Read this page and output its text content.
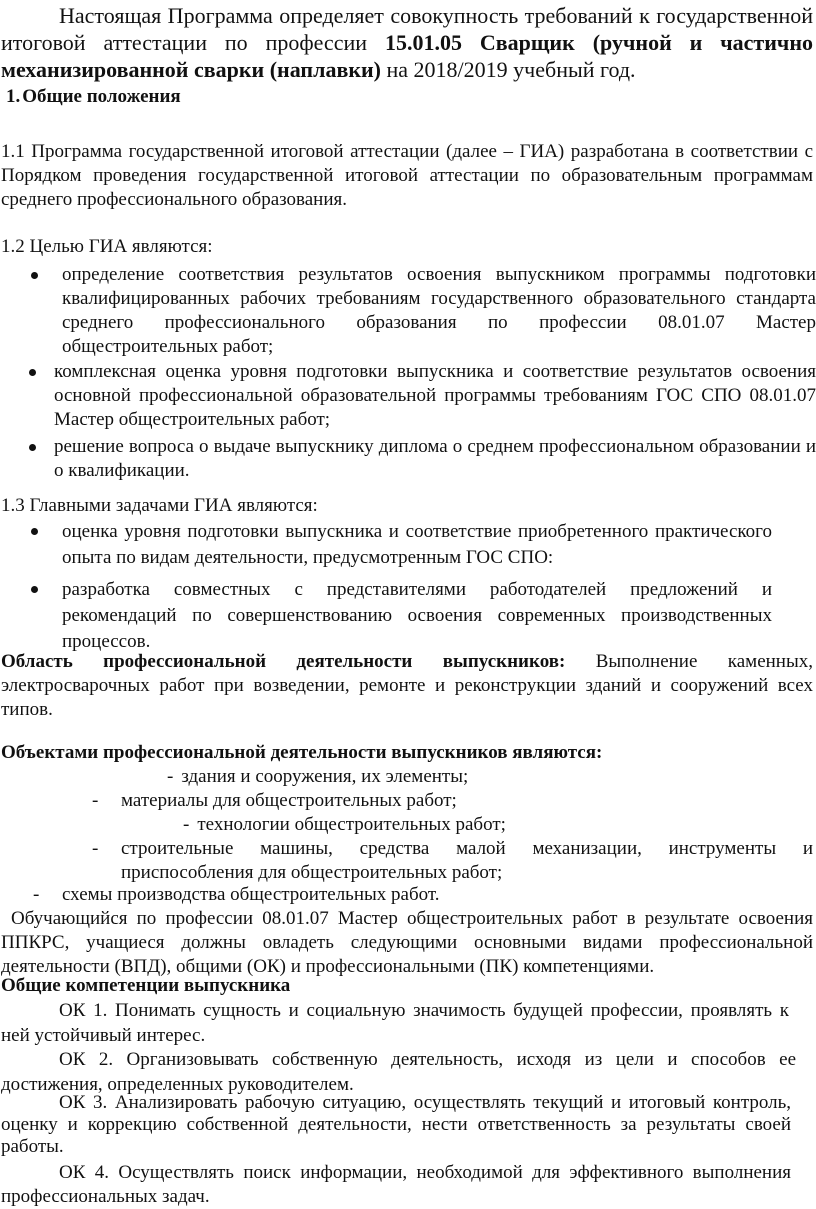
Настоящая Программа определяет совокупность требований к государственной итоговой аттестации по профессии 15.01.05 Сварщик (ручной и частично механизированной сварки (наплавки) на 2018/2019 учебный год.

1. Общие положения

1.1 Программа государственной итоговой аттестации (далее – ГИА) разработана в соответствии с Порядком проведения государственной итоговой аттестации по образовательным программам среднего профессионального образования.

1.2 Целью ГИА являются:

определение соответствия результатов освоения выпускником программы подготовки квалифицированных рабочих требованиям государственного образовательного стандарта среднего профессионального образования по профессии 08.01.07 Мастер общестроительных работ;
комплексная оценка уровня подготовки выпускника и соответствие результатов освоения основной профессиональной образовательной программы требованиям ГОС СПО 08.01.07 Мастер общестроительных работ;
решение вопроса о выдаче выпускнику диплома о среднем профессиональном образовании и о квалификации.

1.3 Главными задачами ГИА являются:

оценка уровня подготовки выпускника и соответствие приобретенного практического опыта по видам деятельности, предусмотренным ГОС СПО:
разработка совместных с представителями работодателей предложений и рекомендаций по совершенствованию освоения современных производственных процессов.

Область профессиональной деятельности выпускников: Выполнение каменных, электросварочных работ при возведении, ремонте и реконструкции зданий и сооружений всех типов.

Объектами профессиональной деятельности выпускников являются:

- здания и сооружения, их элементы;
- материалы для общестроительных работ;
- технологии общестроительных работ;
- строительные машины, средства малой механизации, инструменты и приспособления для общестроительных работ;
- схемы производства общестроительных работ.

Обучающийся по профессии 08.01.07 Мастер общестроительных работ в результате освоения ППКРС, учащиеся должны овладеть следующими основными видами профессиональной деятельности (ВПД), общими (ОК) и профессиональными (ПК) компетенциями.

Общие компетенции выпускника

ОК 1. Понимать сущность и социальную значимость будущей профессии, проявлять к ней устойчивый интерес.

ОК 2. Организовывать собственную деятельность, исходя из цели и способов ее достижения, определенных руководителем.

ОК 3. Анализировать рабочую ситуацию, осуществлять текущий и итоговый контроль, оценку и коррекцию собственной деятельности, нести ответственность за результаты своей работы.

ОК 4. Осуществлять поиск информации, необходимой для эффективного выполнения профессиональных задач.
